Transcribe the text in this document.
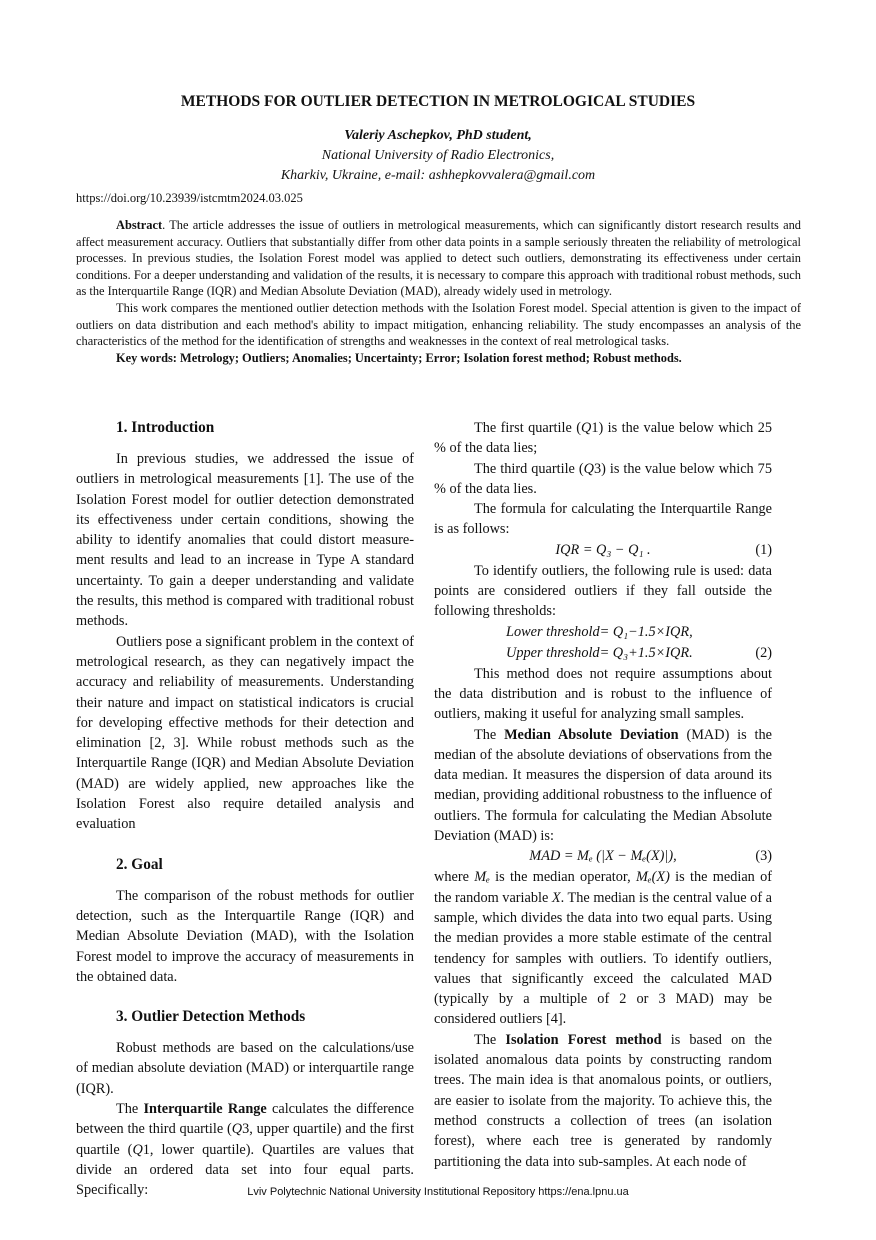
METHODS FOR OUTLIER DETECTION IN METROLOGICAL STUDIES
Valeriy Aschepkov, PhD student,
National University of Radio Electronics,
Kharkiv, Ukraine, e-mail: ashhepkovvalera@gmail.com
https://doi.org/10.23939/istcmtm2024.03.025

Abstract. The article addresses the issue of outliers in metrological measurements, which can significantly distort research results and affect measurement accuracy. Outliers that substantially differ from other data points in a sample seriously threaten the reliability of metrological processes. In previous studies, the Isolation Forest model was applied to detect such outliers, demonstrating its effectiveness under certain conditions. For a deeper understanding and validation of the results, it is necessary to compare this approach with traditional robust methods, such as the Interquartile Range (IQR) and Median Absolute Deviation (MAD), already widely used in metrology.

This work compares the mentioned outlier detection methods with the Isolation Forest model. Special attention is given to the impact of outliers on data distribution and each method's ability to impact mitigation, enhancing reliability. The study encompasses an analysis of the characteristics of the method for the identification of strengths and weaknesses in the context of real metrological tasks.

Key words: Metrology; Outliers; Anomalies; Uncertainty; Error; Isolation forest method; Robust methods.

1. Introduction

In previous studies, we addressed the issue of outliers in metrological measurements [1]. The use of the Isolation Forest model for outlier detection demonstrated its effectiveness under certain conditions, showing the ability to identify anomalies that could distort measurement results and lead to an increase in Type A standard uncertainty. To gain a deeper understanding and validate the results, this method is compared with traditional robust methods.

Outliers pose a significant problem in the context of metrological research, as they can negatively impact the accuracy and reliability of measurements. Understanding their nature and impact on statistical indicators is crucial for developing effective methods for their detection and elimination [2, 3]. While robust methods such as the Interquartile Range (IQR) and Median Absolute Deviation (MAD) are widely applied, new approaches like the Isolation Forest also require detailed analysis and evaluation

2. Goal

The comparison of the robust methods for outlier detection, such as the Interquartile Range (IQR) and Median Absolute Deviation (MAD), with the Isolation Forest model to improve the accuracy of measurements in the obtained data.

3. Outlier Detection Methods

Robust methods are based on the calculations/use of median absolute deviation (MAD) or interquartile range (IQR).

The Interquartile Range calculates the difference between the third quartile (Q3, upper quartile) and the first quartile (Q1, lower quartile). Quartiles are values that divide an ordered data set into four equal parts. Specifically:

The first quartile (Q1) is the value below which 25 % of the data lies;

The third quartile (Q3) is the value below which 75 % of the data lies.

The formula for calculating the Interquartile Range is as follows:

IQR = Q₃ − Q₁ .	(1)

To identify outliers, the following rule is used: data points are considered outliers if they fall outside the following thresholds:

Lower threshold= Q₁−1.5×IQR,
Upper threshold= Q₃+1.5×IQR.	(2)

This method does not require assumptions about the data distribution and is robust to the influence of outliers, making it useful for analyzing small samples.

The Median Absolute Deviation (MAD) is the median of the absolute deviations of observations from the data median. It measures the dispersion of data around its median, providing additional robustness to the influence of outliers. The formula for calculating the Median Absolute Deviation (MAD) is:

MAD = Mₑ (|X − Mₑ(X)|),	(3)

where Mₑ is the median operator, Mₑ(X) is the median of the random variable X. The median is the central value of a sample, which divides the data into two equal parts. Using the median provides a more stable estimate of the central tendency for samples with outliers. To identify outliers, values that significantly exceed the calculated MAD (typically by a multiple of 2 or 3 MAD) may be considered outliers [4].

The Isolation Forest method is based on the isolated anomalous data points by constructing random trees. The main idea is that anomalous points, or outliers, are easier to isolate from the majority. To achieve this, the method constructs a collection of trees (an isolation forest), where each tree is generated by randomly partitioning the data into sub-samples. At each node of

Lviv Polytechnic National University Institutional Repository https://ena.lpnu.ua
